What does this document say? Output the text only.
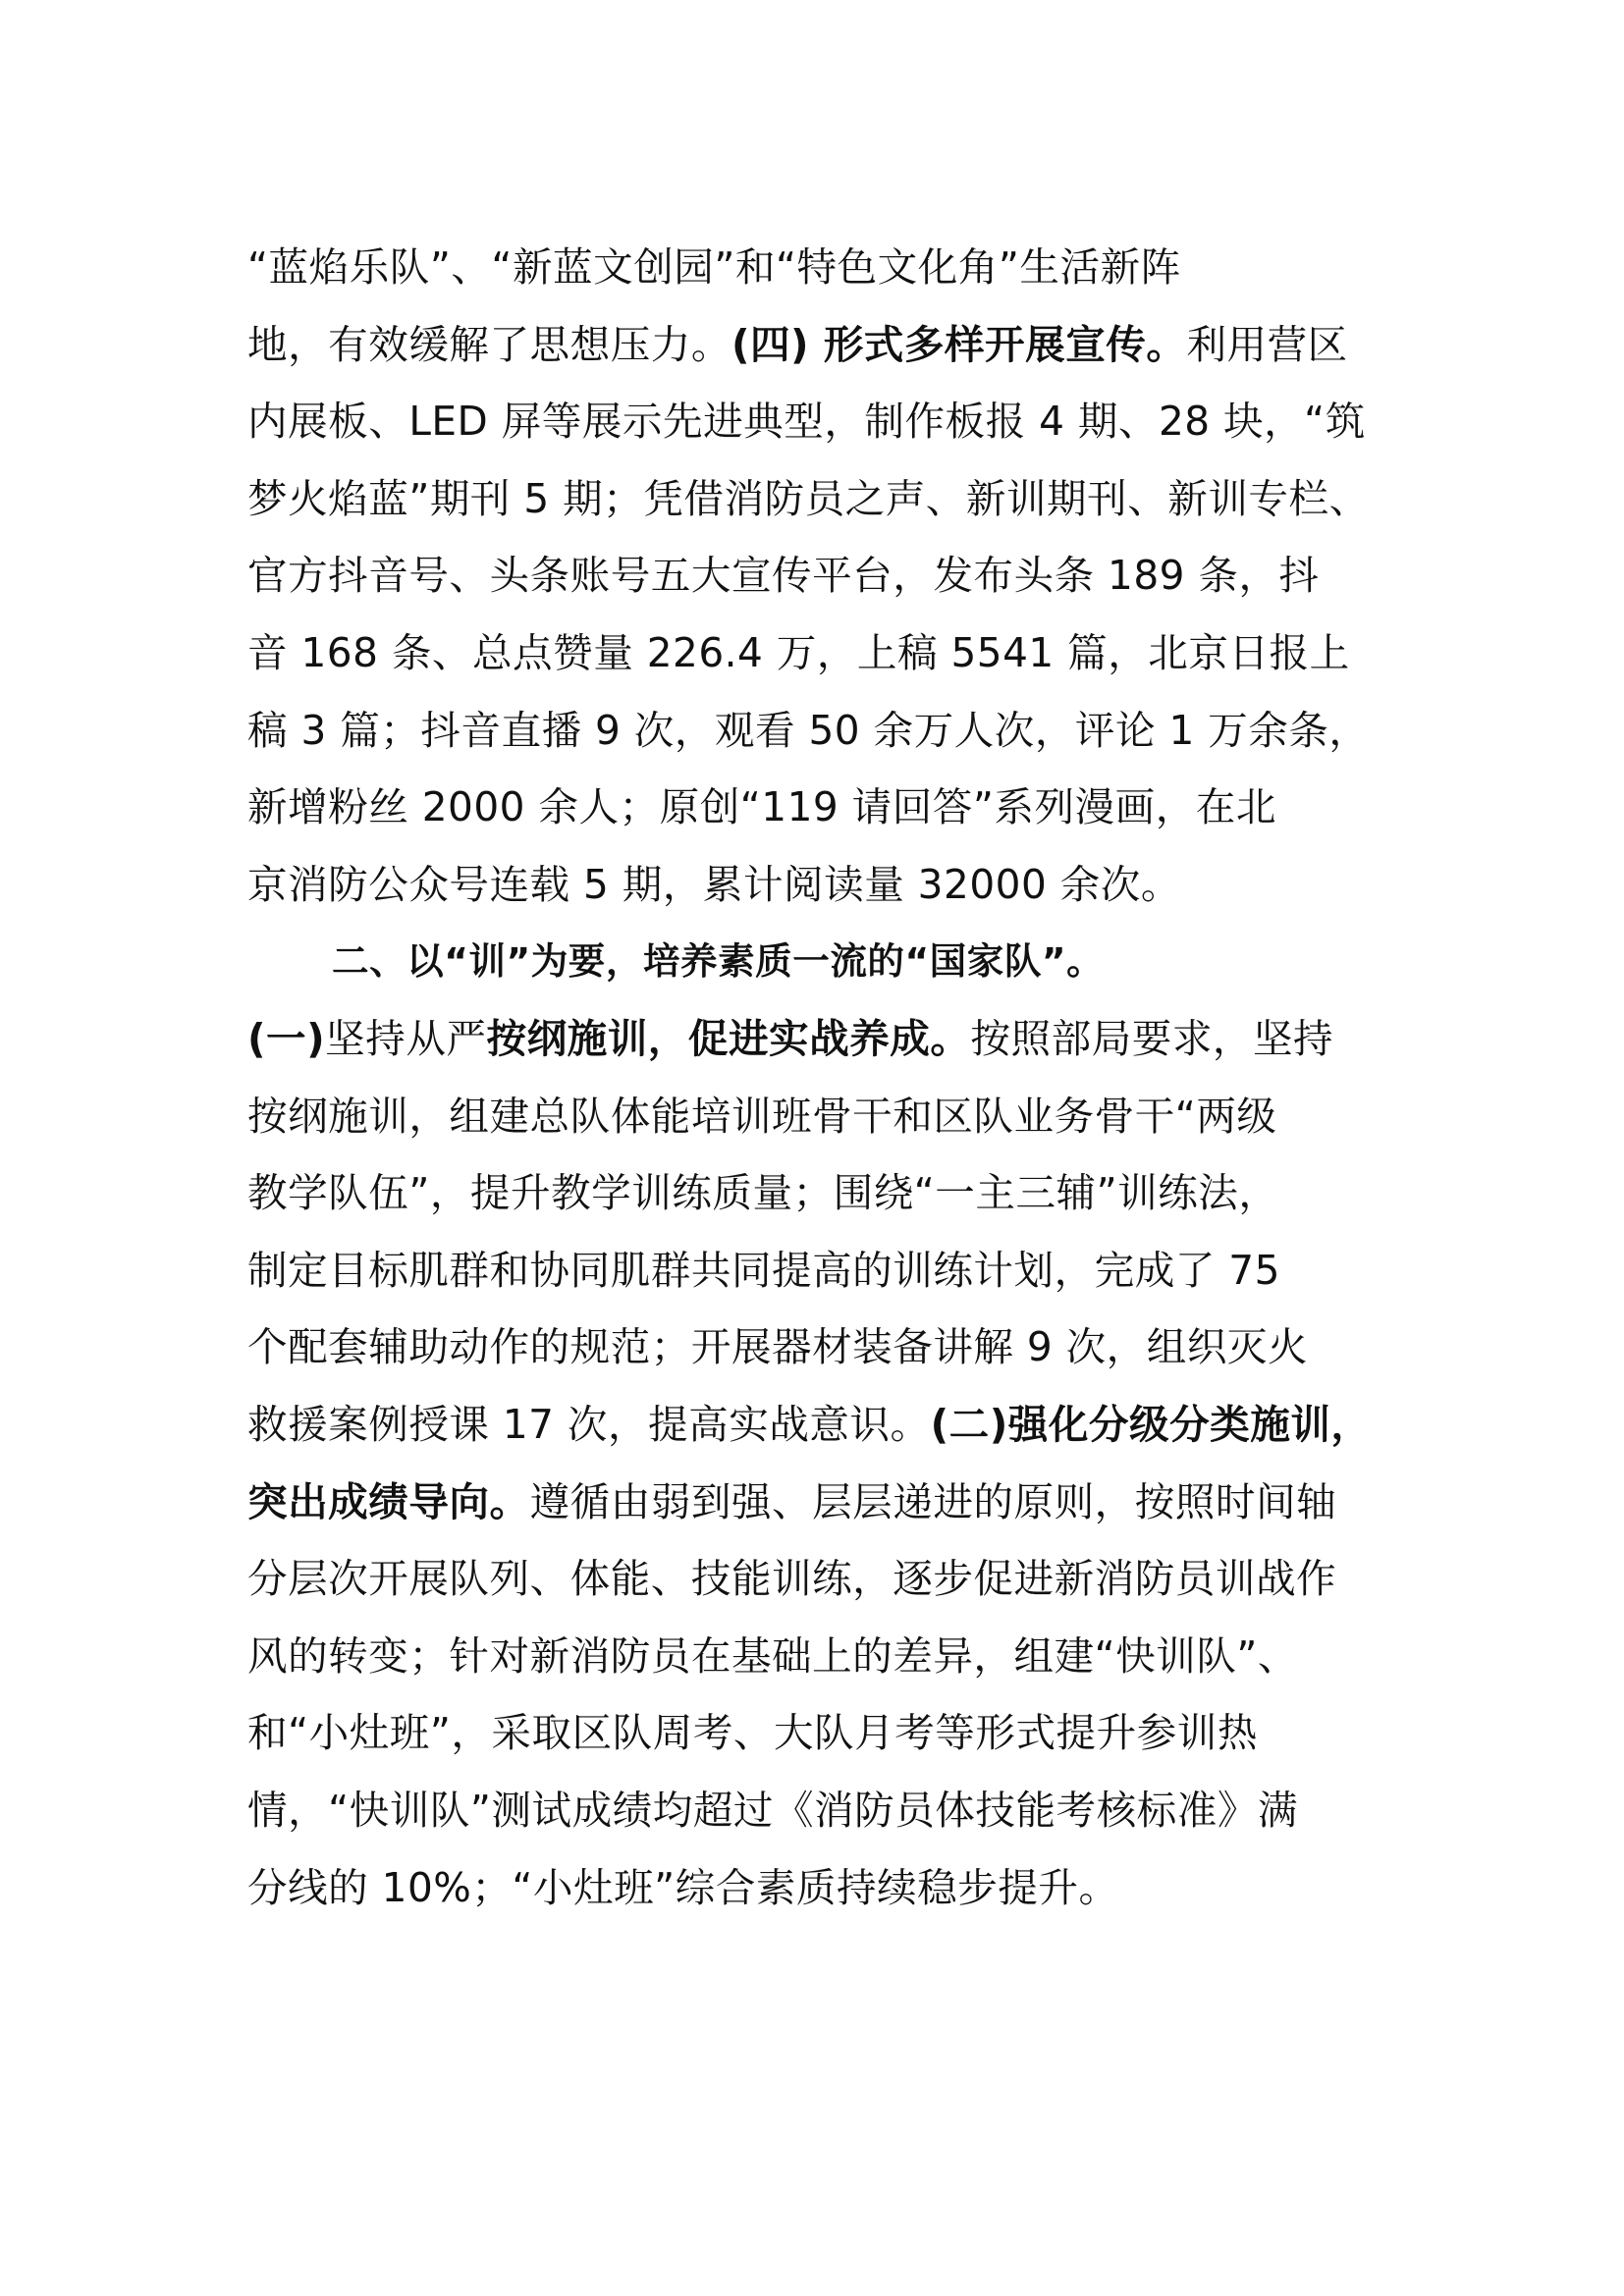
“蓝焰乐队”、“新蓝文创园”和“特色文化角”生活新阵
地，有效缓解了思想压力。(四) 形式多样开展宣传。利用营区
内展板、LED 屏等展示先进典型，制作板报 4 期、28 块，“筑
梦火焰蓝”期刊 5 期；凭借消防员之声、新训期刊、新训专栏、
官方抖音号、头条账号五大宣传平台，发布头条 189 条，抖
音 168 条、总点赞量 226.4 万，上稿 5541 篇，北京日报上
稿 3 篇；抖音直播 9 次，观看 50 余万人次，评论 1 万余条，
新增粉丝 2000 余人；原创“119 请回答”系列漫画，在北
京消防公众号连载 5 期，累计阅读量 32000 余次。
二、以“训”为要，培养素质一流的“国家队”。
(一)坚持从严按纲施训，促进实战养成。按照部局要求，坚持
按纲施训，组建总队体能培训班骨干和区队业务骨干“两级
教学队伍”，提升教学训练质量；围绕“一主三辅”训练法，
制定目标肌群和协同肌群共同提高的训练计划，完成了 75
个配套辅助动作的规范；开展器材装备讲解 9 次，组织灭火
救援案例授课 17 次，提高实战意识。(二)强化分级分类施训，
突出成绩导向。遵循由弱到强、层层递进的原则，按照时间轴
分层次开展队列、体能、技能训练，逐步促进新消防员训战作
风的转变；针对新消防员在基础上的差异，组建“快训队”、
和“小灶班”，采取区队周考、大队月考等形式提升参训热
情，“快训队”测试成绩均超过《消防员体技能考核标准》满
分线的 10%；“小灶班”综合素质持续稳步提升。
